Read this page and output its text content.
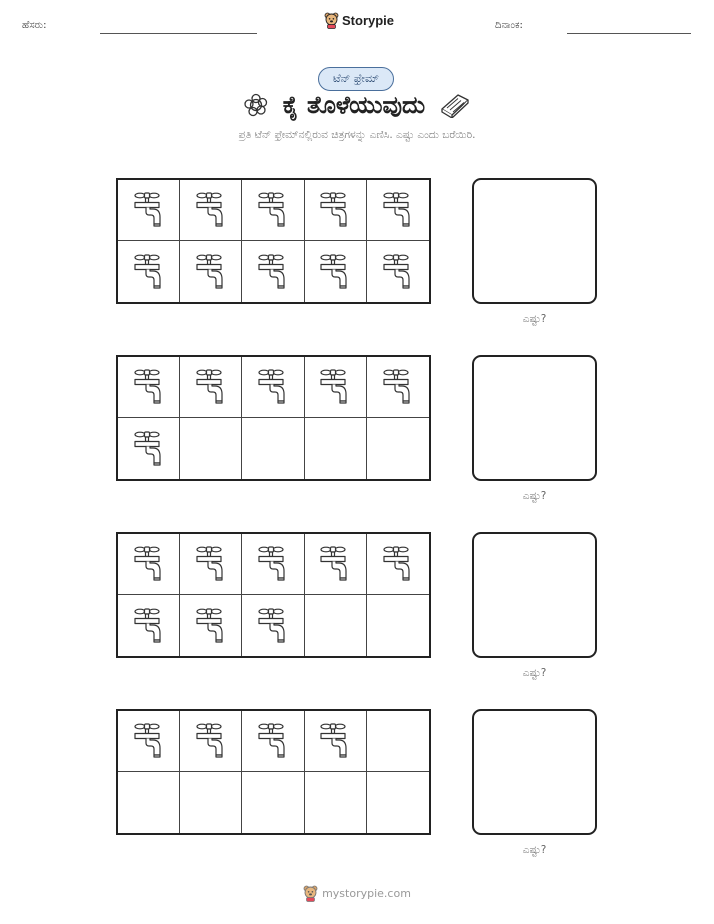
ಹೆಸರು:	Storypie	ದಿನಾಂಕ:
ಟೆನ್ ಫ್ರೇಮ್
ಕೈ ತೊಳೆಯುವುದು
ಪ್ರತಿ ಟೆನ್ ಫ್ರೇಮ್‌ನಲ್ಲಿರುವ ಚಿತ್ರಗಳನ್ನು ಎಣಿಸಿ. ಎಷ್ಟು ಎಂದು ಬರೆಯಿರಿ.
ಎಷ್ಟು?
ಎಷ್ಟು?
ಎಷ್ಟು?
ಎಷ್ಟು?
mystorypie.com
